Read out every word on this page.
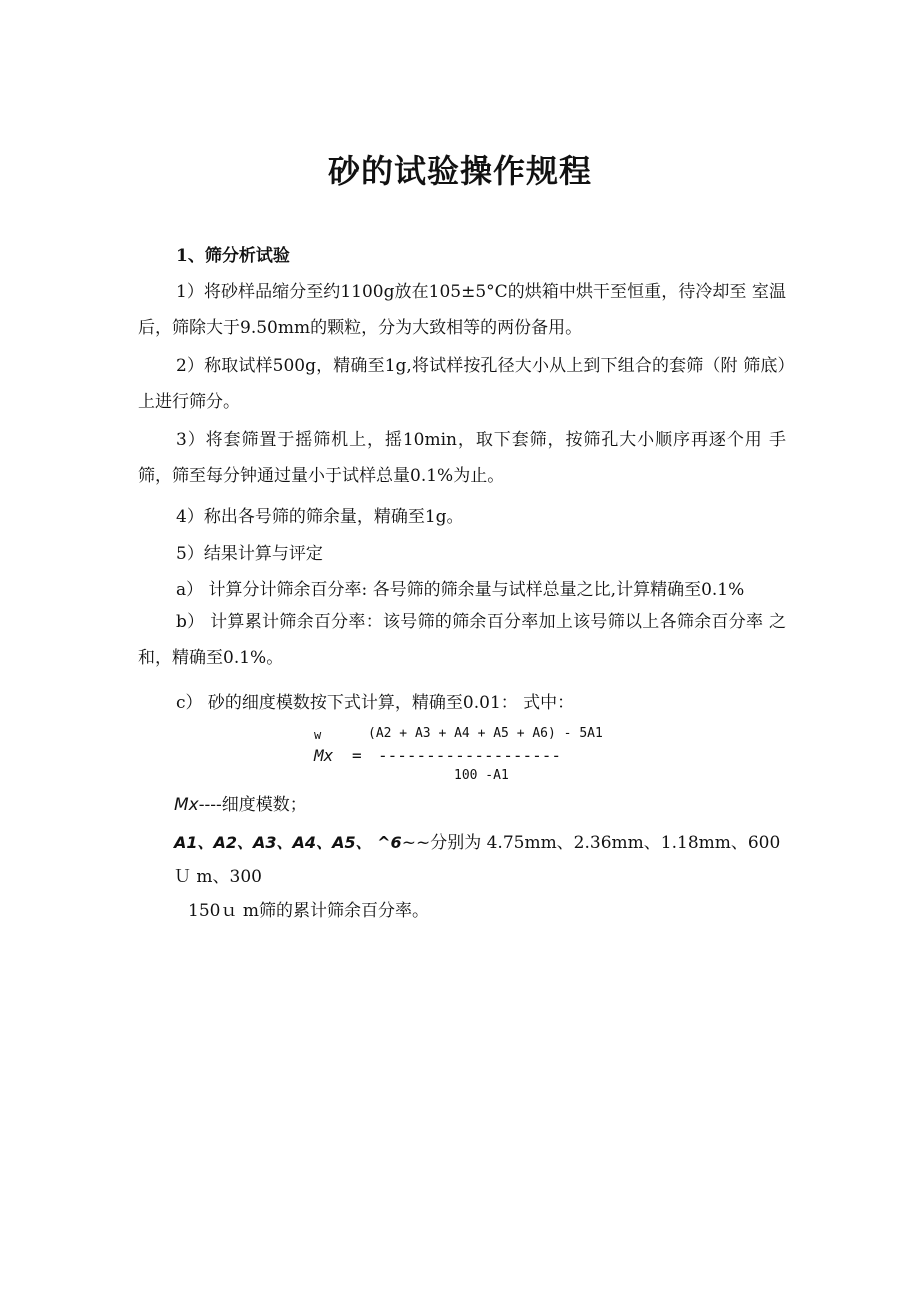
砂的试验操作规程
1、筛分析试验
1）将砂样品缩分至约1100g放在105±5°C的烘箱中烘干至恒重，待冷却至 室温后，筛除大于9.50mm的颗粒，分为大致相等的两份备用。
2）称取试样500g，精确至1g,将试样按孔径大小从上到下组合的套筛（附 筛底）上进行筛分。
3）将套筛置于摇筛机上，摇10min，取下套筛，按筛孔大小顺序再逐个用 手筛，筛至每分钟通过量小于试样总量0.1%为止。
4）称出各号筛的筛余量，精确至1g。
5）结果计算与评定
a） 计算分计筛余百分率: 各号筛的筛余量与试样总量之比,计算精确至0.1%
b） 计算累计筛余百分率：该号筛的筛余百分率加上该号筛以上各筛余百分率 之和，精确至0.1%。
c） 砂的细度模数按下式计算，精确至0.01： 式中：
w	(A2 + A3 + A4 + A5 + A6) - 5A1
Mx = -------------------
100 -A1
Mx----细度模数；
A1、A2、A3、A4、A5、 ^6~~分别为 4.75mm、2.36mm、1.18mm、600Ｕ m、300
150ｕ m筛的累计筛余百分率。
